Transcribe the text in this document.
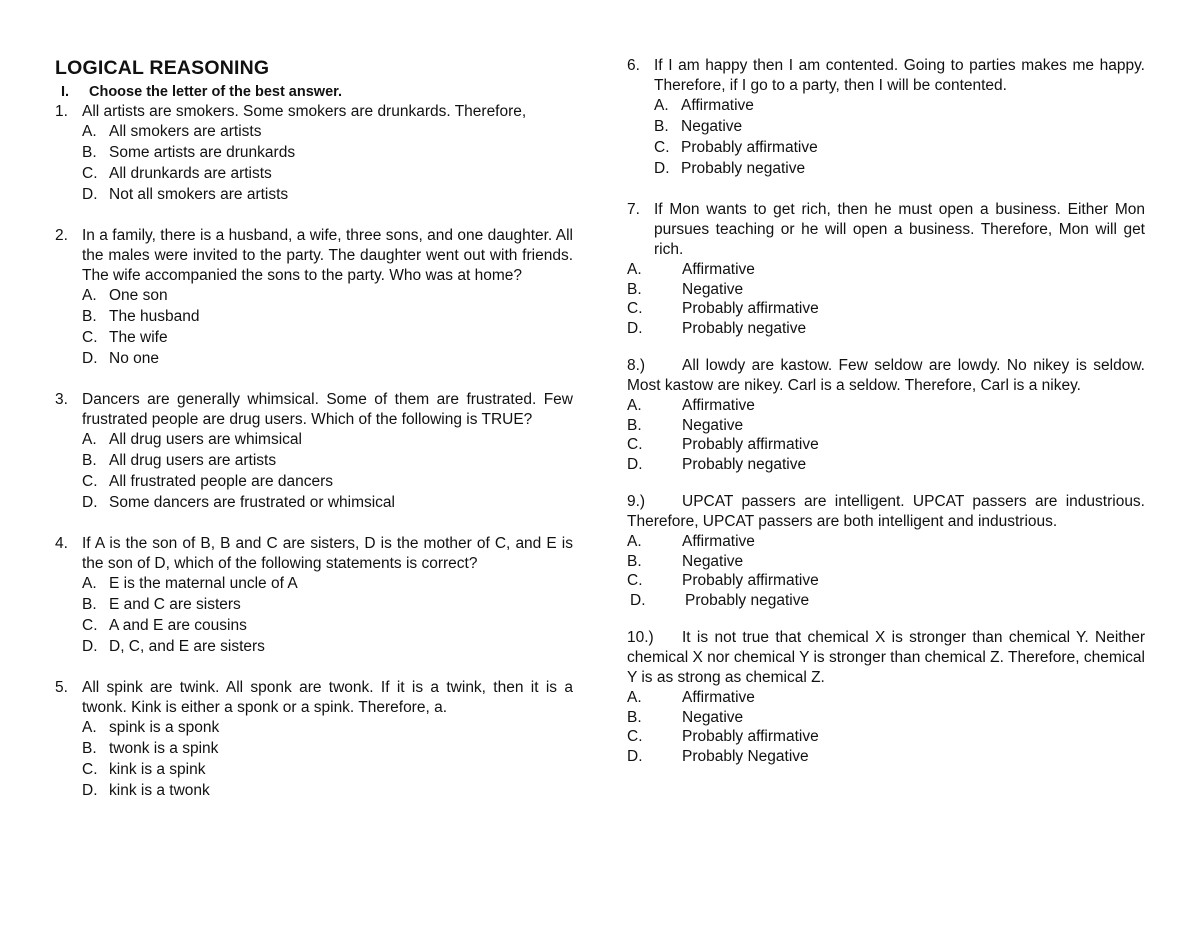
LOGICAL REASONING
I. Choose the letter of the best answer.
1. All artists are smokers. Some smokers are drunkards. Therefore,
A. All smokers are artists
B. Some artists are drunkards
C. All drunkards are artists
D. Not all smokers are artists
2. In a family, there is a husband, a wife, three sons, and one daughter. All the males were invited to the party. The daughter went out with friends. The wife accompanied the sons to the party. Who was at home?
A. One son
B. The husband
C. The wife
D. No one
3. Dancers are generally whimsical. Some of them are frustrated. Few frustrated people are drug users. Which of the following is TRUE?
A. All drug users are whimsical
B. All drug users are artists
C. All frustrated people are dancers
D. Some dancers are frustrated or whimsical
4. If A is the son of B, B and C are sisters, D is the mother of C, and E is the son of D, which of the following statements is correct?
A. E is the maternal uncle of A
B. E and C are sisters
C. A and E are cousins
D. D, C, and E are sisters
5. All spink are twink. All sponk are twonk. If it is a twink, then it is a twonk. Kink is either a sponk or a spink. Therefore, a.
A. spink is a sponk
B. twonk is a spink
C. kink is a spink
D. kink is a twonk
6. If I am happy then I am contented. Going to parties makes me happy. Therefore, if I go to a party, then I will be contented.
A. Affirmative
B. Negative
C. Probably affirmative
D. Probably negative
7. If Mon wants to get rich, then he must open a business. Either Mon pursues teaching or he will open a business. Therefore, Mon will get rich.
A.	Affirmative
B.	Negative
C.	Probably affirmative
D.	Probably negative
8.) All lowdy are kastow. Few seldow are lowdy. No nikey is seldow. Most kastow are nikey. Carl is a seldow. Therefore, Carl is a nikey.
A.	Affirmative
B.	Negative
C.	Probably affirmative
D.	Probably negative
9.) UPCAT passers are intelligent. UPCAT passers are industrious. Therefore, UPCAT passers are both intelligent and industrious.
A.	Affirmative
B.	Negative
C.	Probably affirmative
D.	Probably negative
10.) It is not true that chemical X is stronger than chemical Y. Neither chemical X nor chemical Y is stronger than chemical Z. Therefore, chemical Y is as strong as chemical Z.
A.	Affirmative
B.	Negative
C.	Probably affirmative
D.	Probably Negative
